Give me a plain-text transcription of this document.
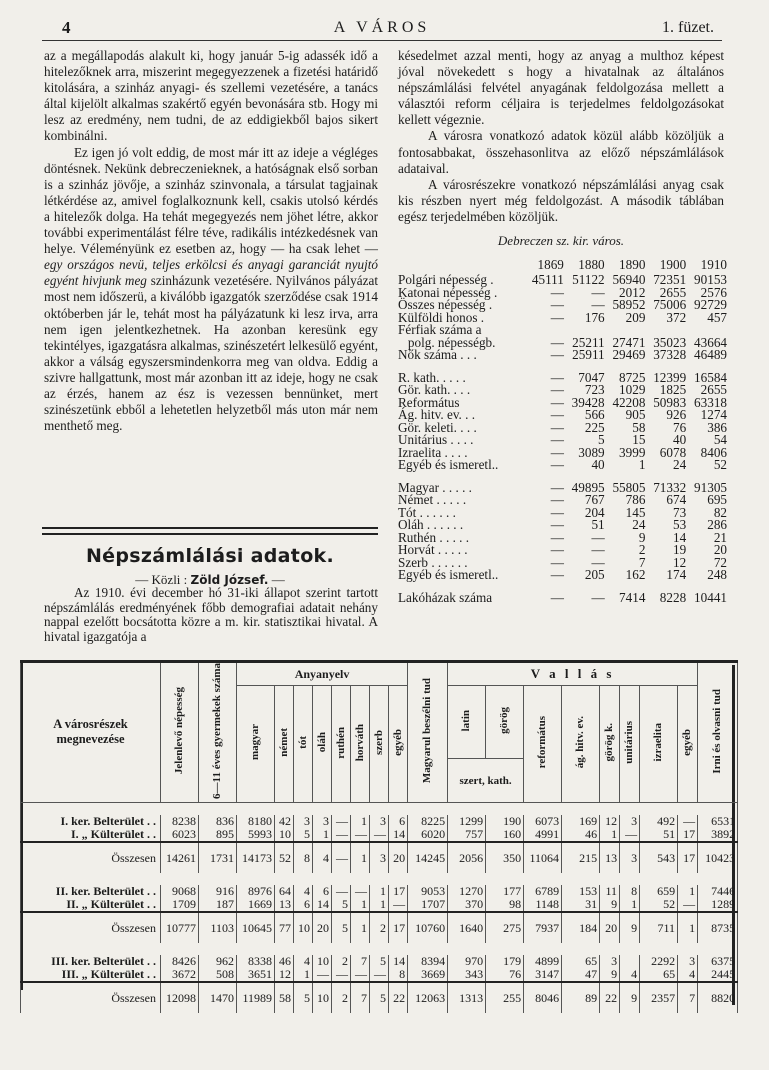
4	A VÁROS	1. füzet.

az a megállapodás alakult ki, hogy január 5-ig adassék idő a hitelezőknek arra, miszerint megegyezzenek a fizetési határidő kitolására, a szinház anyagi- és szellemi vezetésére, a tanács által kijelölt alkalmas szakértő egyén bevonására stb. Hogy mi lesz az eredmény, nem tudni, de az eddigiekből bajos sikert kombinálni.

Ez igen jó volt eddig, de most már itt az ideje a végléges döntésnek. Nekünk debreczenieknek, a hatóságnak első sorban is a szinház jövője, a szinház szinvonala, a társulat tagjainak létkérdése az, amivel foglalkoznunk kell, csakis utolsó kérdés a hitelezők dolga. Ha tehát megegyezés nem jöhet létre, akkor további experimentálást félre téve, radikális intézkedésnek van helye. Véleményünk ez esetben az, hogy — ha csak lehet — egy országos nevü, teljes erkölcsi és anyagi garanciát nyujtó egyént hivjunk meg szinházunk vezetésére. Nyilvános pályázat most nem időszerü, a kiválóbb igazgatók szerződése csak 1914 októberben jár le, tehát most ha pályázatunk ki lesz irva, arra nem igen jelentkezhetnek. Ha azonban keresünk egy tekintélyes, igazgatásra alkalmas, szinészetért lelkesülő egyént, akkor a válság egyszersmindenkorra meg van oldva. Eddig a szivre hallgattunk, most már azonban itt az ideje, hogy ne csak az érzés, hanem az ész is vezessen bennünket, mert szinészetünk ebből a lehetetlen helyzetből más uton már nem menthető meg.

Népszámlálási adatok.
— Közli : Zöld József. —

Az 1910. évi december hó 31-iki állapot szerint tartott népszámlálás eredményének főbb demografiai adatait nehány nappal ezelőtt bocsátotta közre a m. kir. statisztikai hivatal. A hivatal igazgatója a

késedelmet azzal menti, hogy az anyag a multhoz képest jóval növekedett s hogy a hivatalnak az általános népszámlálási felvétel anyagának feldolgozása mellett a választói reform céljaira is terjedelmes feldolgozásokat kellett végeznie.

A városra vonatkozó adatok közül alább közöljük a fontosabbakat, összehasonlitva az előző népszámlálások adataival.

A városrészekre vonatkozó népszámlálási anyag csak kis részben nyert még feldolgozást. A második táblában egész terjedelmében közöljük.

Debreczen sz. kir. város.
	1869	1880	1890	1900	1910
Polgári népesség .	45111	51122	56940	72351	90153
Katonai népesség .	—	—	2012	2655	2576
Összes népesség .	—	—	58952	75006	92729
Külföldi honos .	—	176	209	372	457
Férfiak száma a					
polg. népességb.	—	25211	27471	35023	43664
Nők száma . . .	—	25911	29469	37328	46489

R. kath. . . . .	—	7047	8725	12399	16584
Gör. kath. . . .	—	723	1029	1825	2655
Református	—	39428	42208	50983	63318
Ág. hitv. ev. . .	—	566	905	926	1274
Gör. keleti. . . .	—	225	58	76	386
Unitárius . . . .	—	5	15	40	54
Izraelita . . . .	—	3089	3999	6078	8406
Egyéb és ismeretl..	—	40	1	24	52

Magyar . . . . .	—	49895	55805	71332	91305
Német . . . . .	—	767	786	674	695
Tót . . . . . .	—	204	145	73	82
Oláh . . . . . .	—	51	24	53	286
Ruthén . . . . .	—	—	9	14	21
Horvát . . . . .	—	—	2	19	20
Szerb . . . . . .	—	—	7	12	72
Egyéb és ismeretl..	—	205	162	174	248

Lakóházak száma	—	—	7414	8228	10441
A városrészek megnevezése	Jelenlevő népesség	6—11 éves gyermekek száma	Anyanyelv								Magyarul beszélni tud	V a l l á s								Irni és olvasni tud
			magyar	német	tót	oláh	ruthén	horváth	szerb	egyéb		latin	görög	református	ág. hitv. ev.	görög k.	unitárius	izraelita	egyéb	
												szert, kath.								

I. ker. Belterület . .	8238	836	8180	42	3	3	—	1	3	6	8225	1299	190	6073	169	12	3	492	—	6531
I. „ Külterület . .	6023	895	5993	10	5	1	—	—	—	14	6020	757	160	4991	46	1	—	51	17	3892
Összesen	14261	1731	14173	52	8	4	—	1	3	20	14245	2056	350	11064	215	13	3	543	17	10423

II. ker. Belterület . .	9068	916	8976	64	4	6	—	—	1	17	9053	1270	177	6789	153	11	8	659	1	7446
II. „ Külterület . .	1709	187	1669	13	6	14	5	1	1	—	1707	370	98	1148	31	9	1	52	—	1289
Összesen	10777	1103	10645	77	10	20	5	1	2	17	10760	1640	275	7937	184	20	9	711	1	8735

III. ker. Belterület . .	8426	962	8338	46	4	10	2	7	5	14	8394	970	179	4899	65	3		2292	3	6375
III. „ Külterület . .	3672	508	3651	12	1	—	—	—	—	8	3669	343	76	3147	47	9	4	65	4	2445
Összesen	12098	1470	11989	58	5	10	2	7	5	22	12063	1313	255	8046	89	22	9	2357	7	8820
